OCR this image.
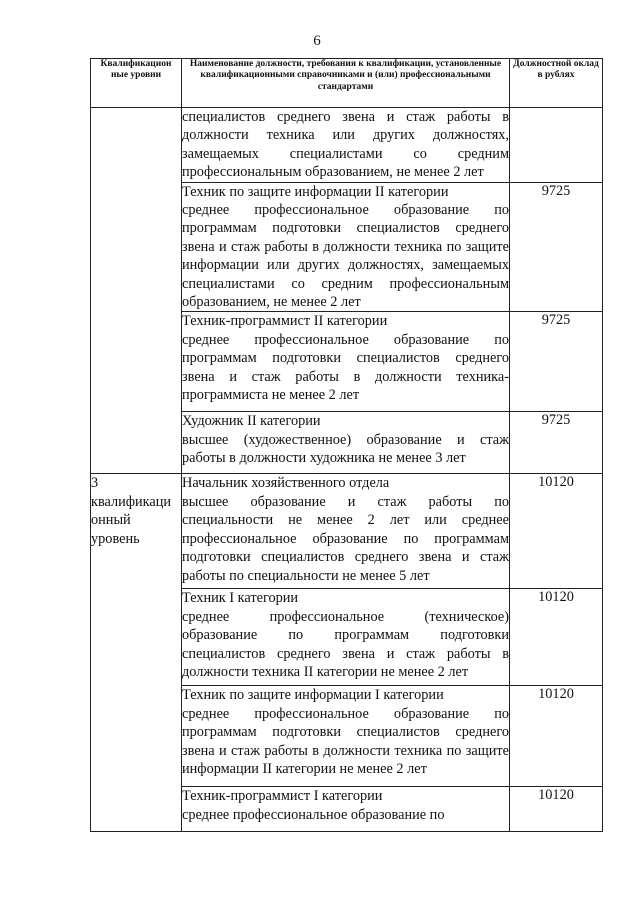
6
Квалификацион ные уровни	Наименование должности, требования к квалификации, установленные квалификационными справочниками и (или) профессиональными стандартами	Должностной оклад в рублях

	специалистов среднего звена и стаж работы в должности техника или других должностях, замещаемых специалистами со средним профессиональным образованием, не менее 2 лет	

	Техник по защите информации II категории
среднее профессиональное образование по программам подготовки специалистов среднего звена и стаж работы в должности техника по защите информации или других должностях, замещаемых специалистами со средним профессиональным образованием, не менее 2 лет	9725

	Техник-программист II категории
среднее профессиональное образование по программам подготовки специалистов среднего звена и стаж работы в должности техника-программиста не менее 2 лет	9725

	Художник II категории
высшее (художественное) образование и стаж работы в должности художника не менее 3 лет	9725

3
квалификаци онный уровень	Начальник хозяйственного отдела
высшее образование и стаж работы по специальности не менее 2 лет или среднее профессиональное образование по программам подготовки специалистов среднего звена и стаж работы по специальности не менее 5 лет	10120

	Техник I категории
среднее профессиональное (техническое) образование по программам подготовки специалистов среднего звена и стаж работы в должности техника II категории не менее 2 лет	10120

	Техник по защите информации I категории
среднее профессиональное образование по программам подготовки специалистов среднего звена и стаж работы в должности техника по защите информации II категории не менее 2 лет	10120

	Техник-программист I категории
среднее профессиональное образование по	10120
